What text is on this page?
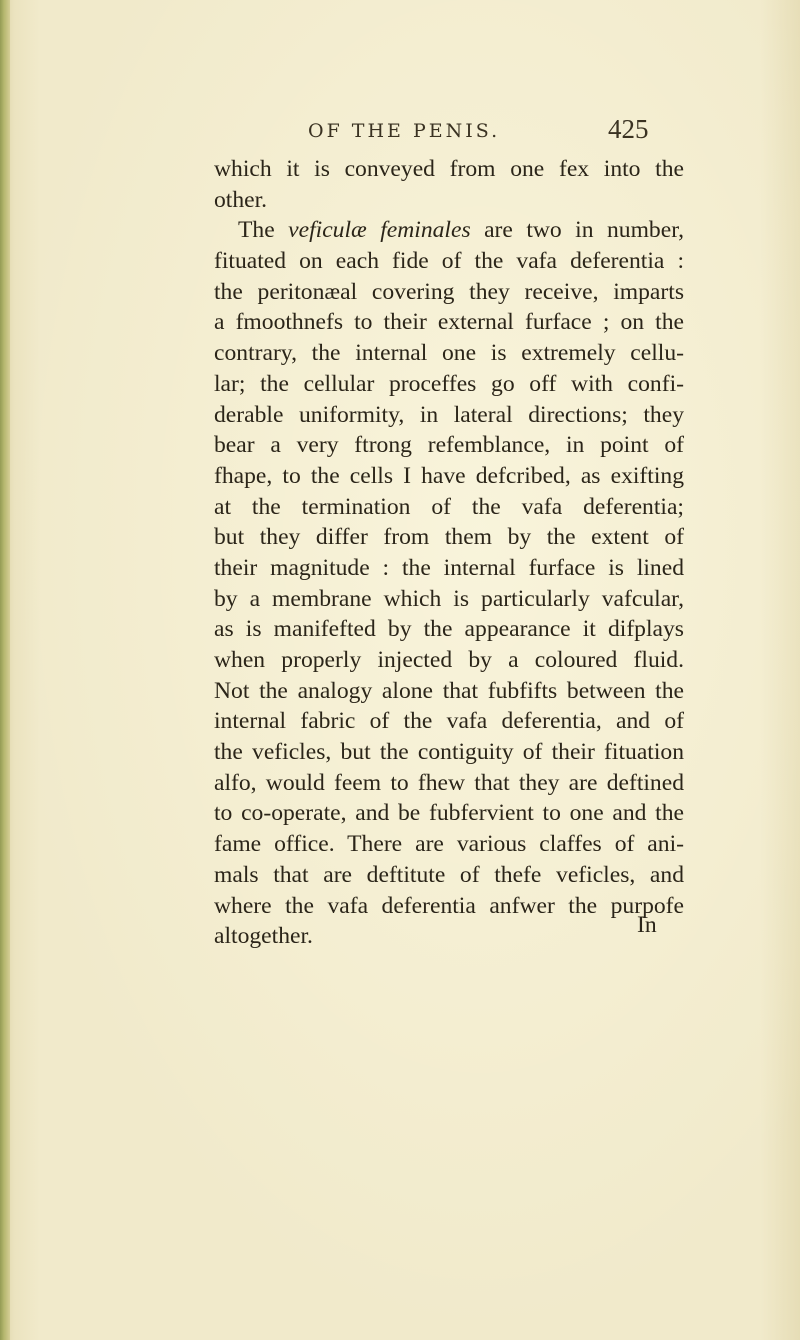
OF THE PENIS.	425
which it is conveyed from one fex into the
other.
The veficulæ feminales are two in number,
fituated on each fide of the vafa deferentia :
the peritonæal covering they receive, imparts
a fmoothnefs to their external furface ; on the
contrary, the internal one is extremely cellu-
lar; the cellular proceffes go off with confi-
derable uniformity, in lateral directions; they
bear a very ftrong refemblance, in point of
fhape, to the cells I have defcribed, as exifting
at the termination of the vafa deferentia;
but they differ from them by the extent of
their magnitude : the internal furface is lined
by a membrane which is particularly vafcular,
as is manifefted by the appearance it difplays
when properly injected by a coloured fluid.
Not the analogy alone that fubfifts between the
internal fabric of the vafa deferentia, and of
the veficles, but the contiguity of their fituation
alfo, would feem to fhew that they are deftined
to co-operate, and be fubfervient to one and the
fame office. There are various claffes of ani-
mals that are deftitute of thefe veficles, and
where the vafa deferentia anfwer the purpofe
altogether.	In
